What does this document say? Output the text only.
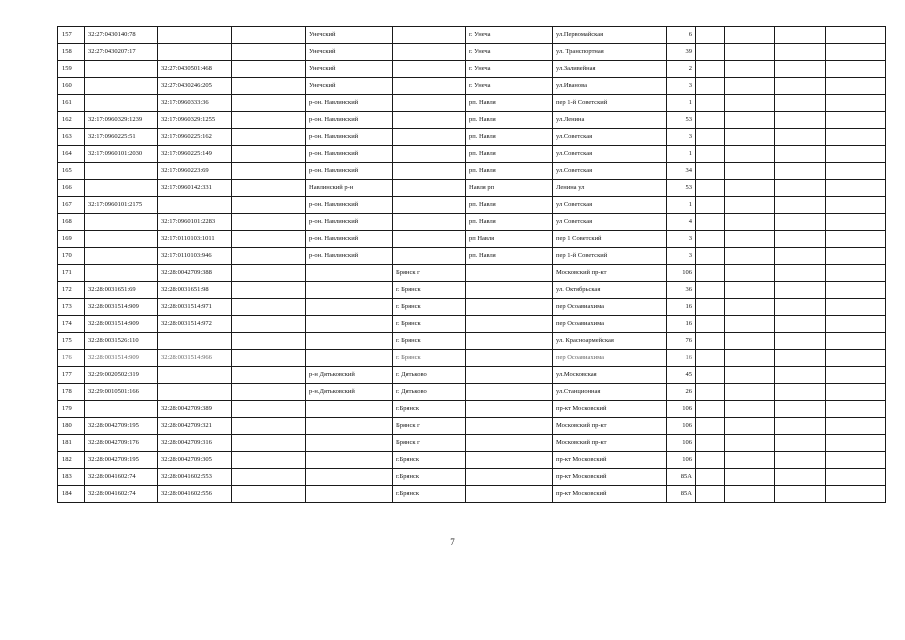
157	32:27:0430140:78			Унечский		г. Унеча	ул.Первомайская	6				
158	32:27:0430207:17			Унечский		г. Унеча	ул. Транспортная	39				
159		32:27:0430501:468		Унечский		г. Унеча	ул.Заливейная	2				
160		32:27:0430246:205		Унечский		г. Унеча	ул.Иванова	3				
161		32:17:0960333:36		р-он. Навлинский		рп. Навля	пер 1-й Советский	1				
162	32:17:0960329:1239	32:17:0960329:1255		р-он. Навлинский		рп. Навля	ул.Ленина	53				
163	32:17:0960225:51	32:17:0960225:162		р-он. Навлинский		рп. Навля	ул.Советская	3				
164	32:17:0960101:2030	32:17:0960225:149		р-он. Навлинский		рп. Навля	ул.Советская	1				
165		32:17:0960223:69		р-он. Навлинский		рп. Навля	ул.Советская	34				
166		32:17:0960142:331		Навлинский р-н		Навля рп	Ленина ул	53				
167	32:17:0960101:2175			р-он. Навлинский		рп. Навля	ул Советская	1				
168		32:17:0960101:2283		р-он. Навлинский		рп. Навля	ул Советская	4				
169		32:17:0110103:1011		р-он. Навлинский		рп Навля	пер 1 Советский	3				
170		32:17:0110103:946		р-он. Навлинский		рп. Навля	пер 1-й Советский	3				
171		32:28:0042709:388			Брянск г		Московский пр-кт	106				
172	32:28:0031651:69	32:28:0031651:98			г. Брянск		ул. Октябрьская	36				
173	32:28:0031514:909	32:28:0031514:971			г. Брянск		пер Осоавиахима	16				
174	32:28:0031514:909	32:28:0031514:972			г. Брянск		пер Осоавиахима	16				
175	32:28:0031526:110				г. Брянск		ул. Красноармейская	76				
176	32:28:0031514:909	32:28:0031514:966			г. Брянск		пер Осоавиахима	16				
177	32:29:0020502:319			р-н Дятьковский	г. Дятьково		ул.Московская	45				
178	32:29:0010501:166			р-н.Дятьковский	г. Дятьково		ул.Станционная	26				
179		32:28:0042709:389			г.Брянск		пр-кт Московский	106				
180	32:28:0042709:195	32:28:0042709:321			Брянск г		Московский пр-кт	106				
181	32:28:0042709:176	32:28:0042709:316			Брянск г		Московский пр-кт	106				
182	32:28:0042709:195	32:28:0042709:305			г.Брянск		пр-кт Московский	106				
183	32:28:0041602:74	32:28:0041602:553			г.Брянск		пр-кт Московский	85А				
184	32:28:0041602:74	32:28:0041602:556			г.Брянск		пр-кт Московский	85А				
7
